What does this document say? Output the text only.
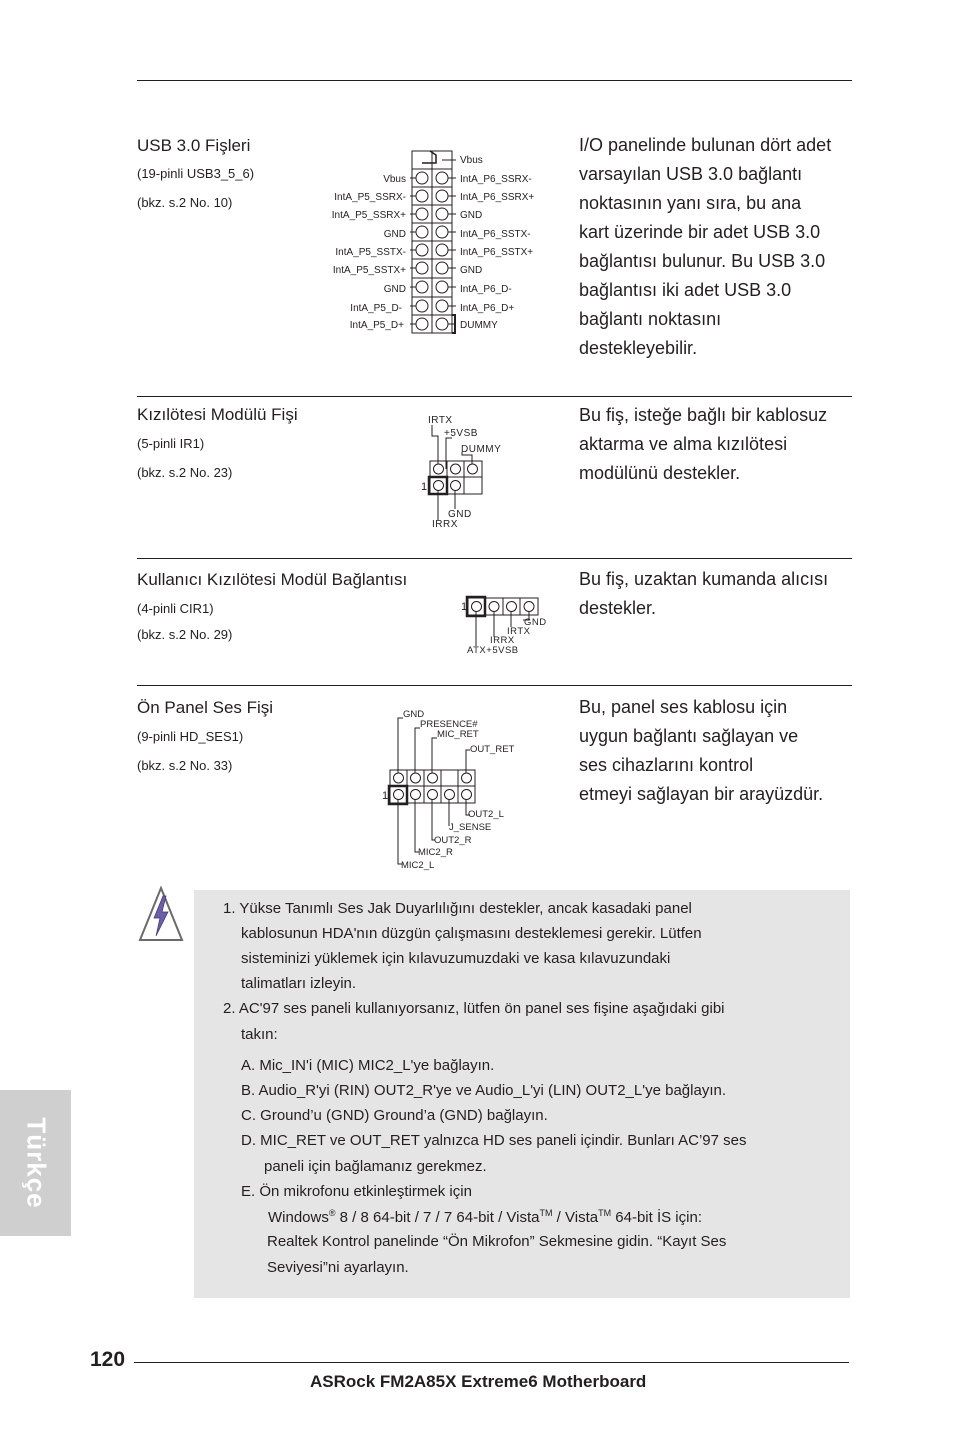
USB 3.0 Fişleri
(19-pinli USB3_5_6)
(bkz. s.2 No. 10)
I/O panelinde bulunan dört adet
varsayılan USB 3.0 bağlantı
noktasının yanı sıra, bu ana
kart üzerinde bir adet USB 3.0
bağlantısı bulunur. Bu USB 3.0
bağlantısı iki adet USB 3.0
bağlantı noktasını
destekleyebilir.
Vbus
IntA_P5_SSRX-
IntA_P5_SSRX+
GND
IntA_P5_SSTX-
IntA_P5_SSTX+
GND
IntA_P5_D-
IntA_P5_D+
Vbus
IntA_P6_SSRX-
IntA_P6_SSRX+
GND
IntA_P6_SSTX-
IntA_P6_SSTX+
GND
IntA_P6_D-
IntA_P6_D+
DUMMY
Kızılötesi Modülü Fişi
(5-pinli IR1)
(bkz. s.2 No. 23)
Bu fiş, isteğe bağlı bir kablosuz
aktarma ve alma kızılötesi
modülünü destekler.
IRTX
+5VSB
DUMMY
GND
IRRX
1
Kullanıcı Kızılötesi Modül Bağlantısı
(4-pinli CIR1)
(bkz. s.2 No. 29)
Bu fiş, uzaktan kumanda alıcısı
destekler.
GND
IRTX
IRRX
ATX+5VSB
1
Ön Panel Ses Fişi
(9-pinli HD_SES1)
(bkz. s.2 No. 33)
Bu, panel ses kablosu için
uygun bağlantı sağlayan ve
ses cihazlarını kontrol
etmeyi sağlayan bir arayüzdür.
GND
PRESENCE#
MIC_RET
OUT_RET
OUT2_L
J_SENSE
OUT2_R
MIC2_R
MIC2_L
1
1. Yükse Tanımlı Ses Jak Duyarlılığını destekler, ancak kasadaki panel
kablosunun HDA'nın düzgün çalışmasını desteklemesi gerekir. Lütfen
sisteminizi yüklemek için kılavuzumuzdaki ve kasa kılavuzundaki
talimatları izleyin.
2. AC'97 ses paneli kullanıyorsanız, lütfen ön panel ses fişine aşağıdaki gibi
takın:
A. Mic_IN'i (MIC) MIC2_L'ye bağlayın.
B. Audio_R'yi (RIN) OUT2_R'ye ve Audio_L'yi (LIN) OUT2_L'ye bağlayın.
C. Ground’u (GND) Ground’a (GND) bağlayın.
D. MIC_RET ve OUT_RET yalnızca HD ses paneli içindir. Bunları AC’97 ses
paneli için bağlamanız gerekmez.
E. Ön mikrofonu etkinleştirmek için
Windows® 8 / 8 64-bit / 7 / 7 64-bit / Vista™ / Vista™ 64-bit İS için:
Realtek Kontrol panelinde “Ön Mikrofon” Sekmesine gidin. “Kayıt Ses
Seviyesi”ni ayarlayın.
Türkçe
120
ASRock FM2A85X Extreme6 Motherboard
